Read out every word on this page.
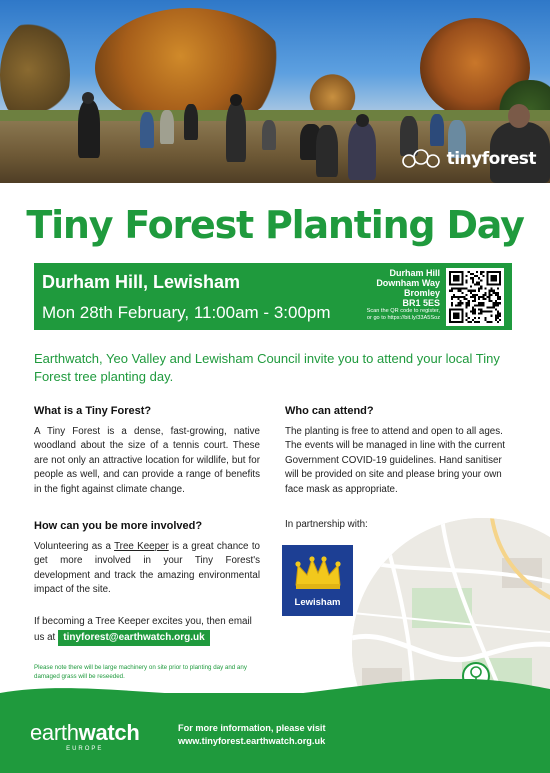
tinyforest
Tiny Forest Planting Day
Durham Hill, Lewisham
Mon 28th February, 11:00am - 3:00pm
Durham Hill
Downham Way
Bromley
BR1 5ES
Scan the QR code to register,
or go to https://bit.ly/33A5Soz

Earthwatch, Yeo Valley and Lewisham Council invite you to attend your local Tiny Forest tree planting day.

What is a Tiny Forest?

A Tiny Forest is a dense, fast-growing, native woodland about the size of a tennis court. These are not only an attractive location for wildlife, but for people as well, and can provide a range of benefits in the fight against climate change.

How can you be more involved?

Volunteering as a Tree Keeper is a great chance to get more involved in your Tiny Forest's development and track the amazing environmental impact of the site.

If becoming a Tree Keeper excites you, then email us at tinyforest@earthwatch.org.uk

Please note there will be large machinery on site prior to planting day and any damaged grass will be reseeded.

Who can attend?

The planting is free to attend and open to all ages. The events will be managed in line with the current Government COVID-19 guidelines. Hand sanitiser will be provided on site and please bring your own face mask as appropriate.

In partnership with:
Lewisham
earthwatch
EUROPE
For more information, please visit
www.tinyforest.earthwatch.org.uk
